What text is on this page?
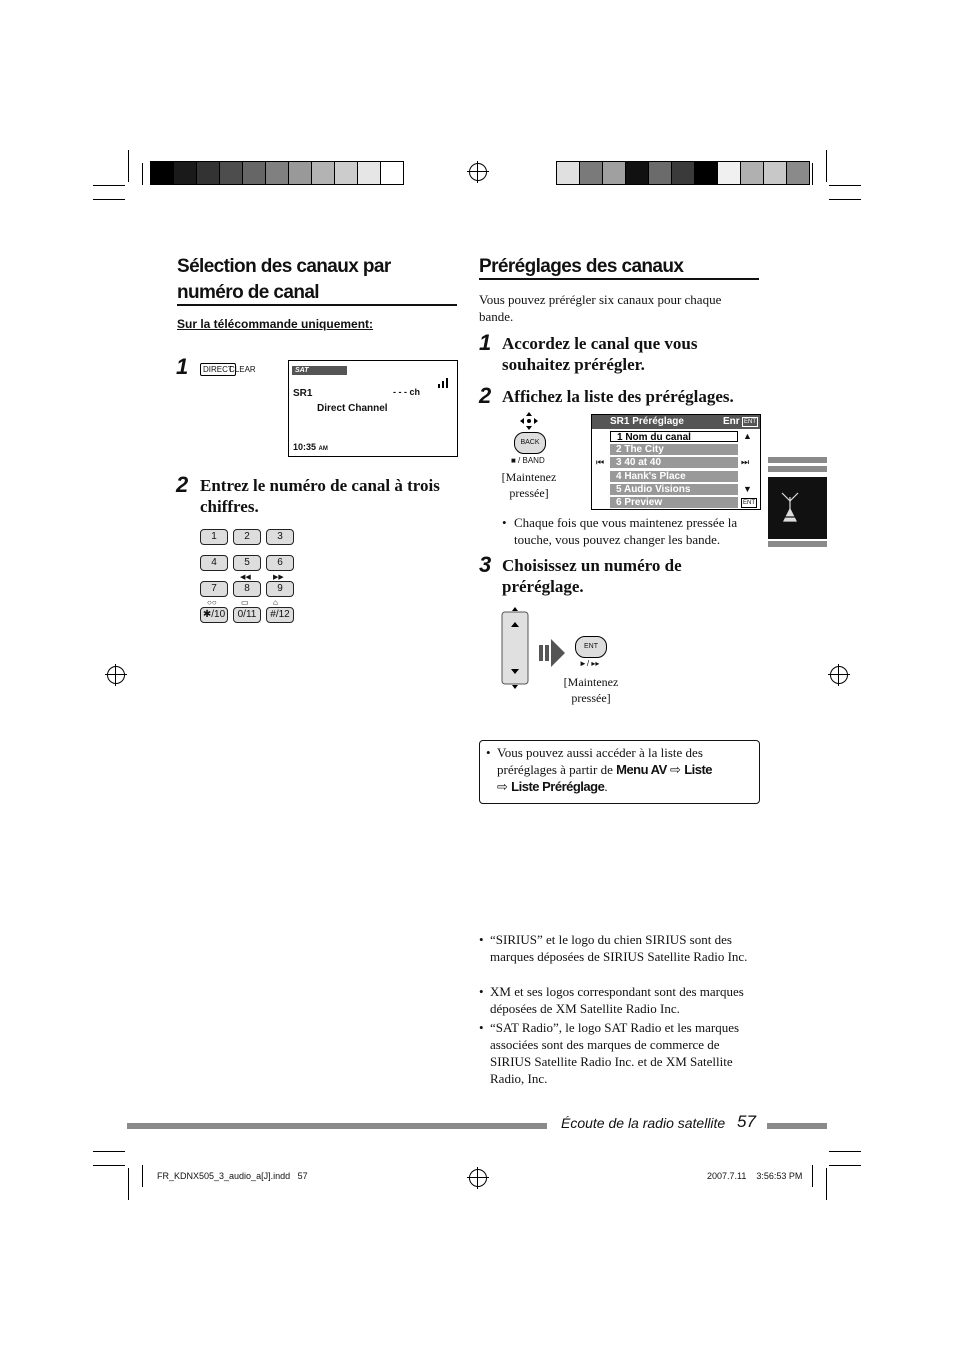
Sélection des canaux par numéro de canal
Sur la télécommande uniquement:
1	DIRECT
CLEAR	SAT
SR1	- - - ch
Direct Channel
10:35 AM
2 Entrez le numéro de canal à trois chiffres.
1	2	3
4	5	6
7	8	9
✱/10	0/11	#/12
◀◀	▶▶
○○	▭	⌂
Préréglages des canaux
Vous pouvez prérégler six canaux pour chaque bande.
1 Accordez le canal que vous souhaitez prérégler.
2 Affichez la liste des préréglages.
BACK
■ / BAND
[Maintenez pressée]
SR1 Préréglage	Enr ENT
1 Nom du canal
2 The City
3 40 at 40
4 Hank's Place
5 Audio Visions
6 Preview
▲
⏭
⏮
▼
ENT
• Chaque fois que vous maintenez pressée la touche, vous pouvez changer les bande.
3 Choisissez un numéro de préréglage.
ENT
►/ ▸▸
[Maintenez pressée]
• Vous pouvez aussi accéder à la liste des préréglages à partir de Menu AV ⇨ Liste
⇨ Liste Préréglage.
• “SIRIUS” et le logo du chien SIRIUS sont des marques déposées de SIRIUS Satellite Radio Inc.
• XM et ses logos correspondant sont des marques déposées de XM Satellite Radio Inc.
• “SAT Radio”, le logo SAT Radio et les marques associées sont des marques de commerce de SIRIUS Satellite Radio Inc. et de XM Satellite Radio, Inc.
Écoute de la radio satellite 57
FR_KDNX505_3_audio_a[J].indd   57	2007.7.11    3:56:53 PM
